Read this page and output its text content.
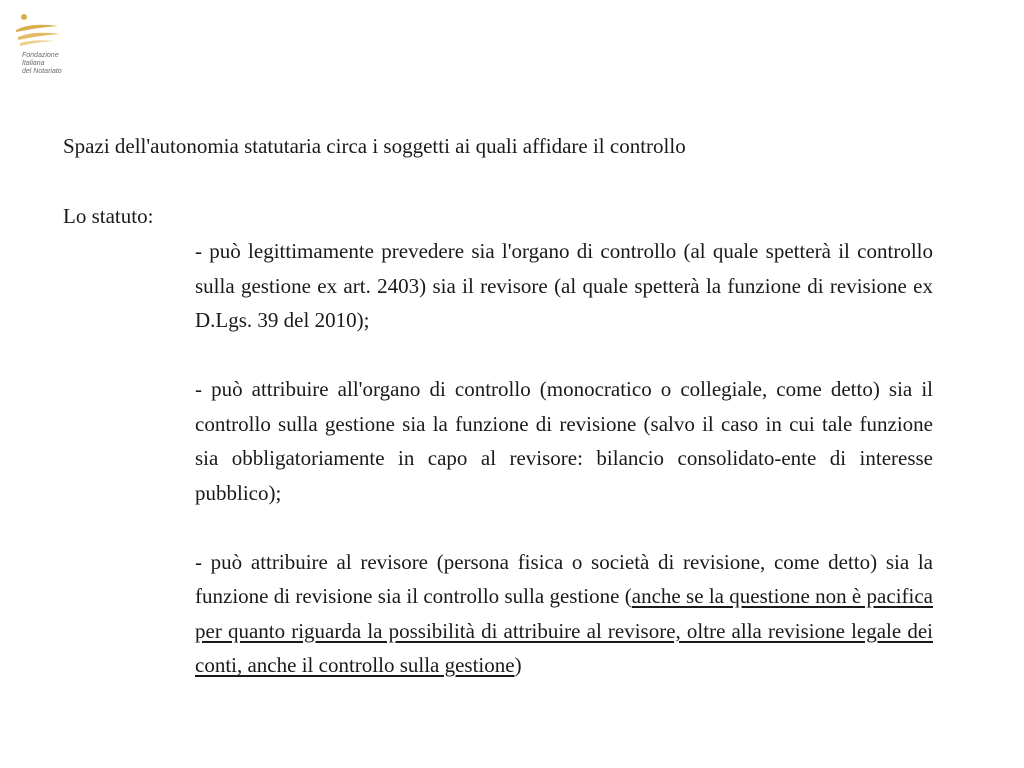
Fondazione
Italiana
del Notariato
Spazi dell'autonomia statutaria circa i soggetti ai quali affidare il controllo
Lo statuto:

- può legittimamente prevedere sia l'organo di controllo (al quale spetterà il controllo sulla gestione ex art. 2403) sia il revisore (al quale spetterà la funzione di revisione ex D.Lgs. 39 del 2010);

- può attribuire all'organo di controllo (monocratico o collegiale, come detto) sia il controllo sulla gestione sia la funzione di revisione (salvo il caso in cui tale funzione sia obbligatoriamente in capo al revisore: bilancio consolidato-ente di interesse pubblico);

- può attribuire al revisore (persona fisica o società di revisione, come detto) sia la funzione di revisione sia il controllo sulla gestione (anche se la questione non è pacifica per quanto riguarda la possibilità di attribuire al revisore, oltre alla revisione legale dei conti, anche il controllo sulla gestione)
